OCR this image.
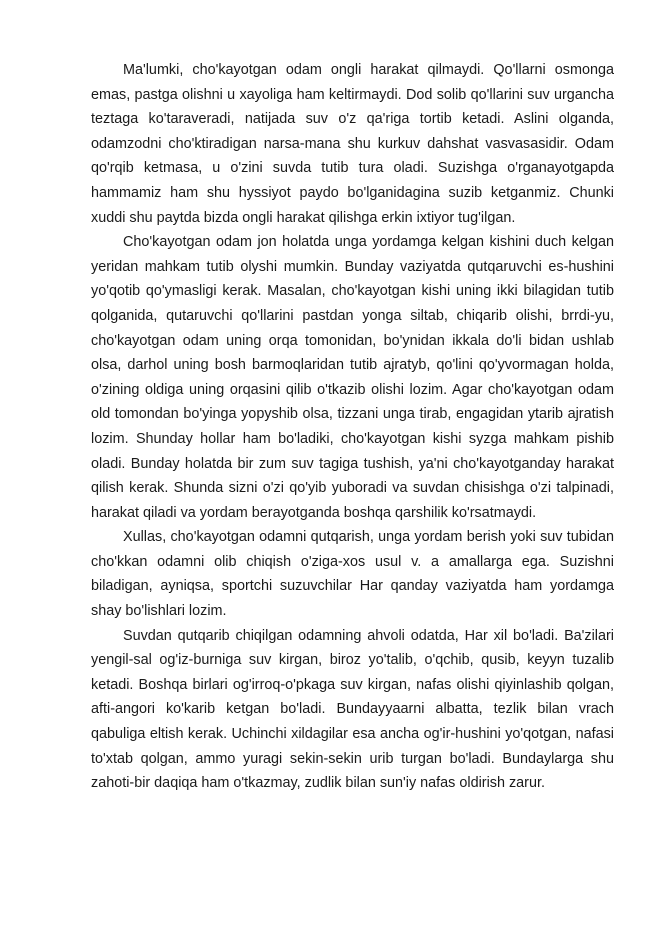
Ma'lumki, cho'kayotgan odam ongli harakat qilmaydi. Qo'llarni osmonga emas, pastga olishni u xayoliga ham keltirmaydi. Dod solib qo'llarini suv urgancha teztaga ko'taraveradi, natijada suv o'z qa'riga tortib ketadi. Aslini olganda, odamzodni cho'ktiradigan narsa-mana shu kurkuv dahshat vasvasasidir. Odam qo'rqib ketmasa, u o'zini suvda tutib tura oladi. Suzishga o'rganayotgapda hammamiz ham shu hyssiyot paydo bo'lganidagina suzib ketganmiz. Chunki xuddi shu paytda bizda ongli harakat qilishga erkin ixtiyor tug'ilgan.

Cho'kayotgan odam jon holatda unga yordamga kelgan kishini duch kelgan yeridan mahkam tutib olyshi mumkin. Bunday vaziyatda qutqaruvchi es-hushini yo'qotib qo'ymasligi kerak. Masalan, cho'kayotgan kishi uning ikki bilagidan tutib qolganida, qutaruvchi qo'llarini pastdan yonga siltab, chiqarib olishi, brrdi-yu, cho'kayotgan odam uning orqa tomonidan, bo'ynidan ikkala do'li bidan ushlab olsa, darhol uning bosh barmoqlaridan tutib ajratyb, qo'lini qo'yvormagan holda, o'zining oldiga uning orqasini qilib o'tkazib olishi lozim. Agar cho'kayotgan odam old tomondan bo'yinga yopyshib olsa, tizzani unga tirab, engagidan ytarib ajratish lozim. Shunday hollar ham bo'ladiki, cho'kayotgan kishi syzga mahkam pishib oladi. Bunday holatda bir zum suv tagiga tushish, ya'ni cho'kayotganday harakat qilish kerak. Shunda sizni o'zi qo'yib yuboradi va suvdan chisishga o'zi talpinadi, harakat qiladi va yordam berayotganda boshqa qarshilik ko'rsatmaydi.

Xullas, cho'kayotgan odamni qutqarish, unga yordam berish yoki suv tubidan cho'kkan odamni olib chiqish o'ziga-xos usul v. a amallarga ega. Suzishni biladigan, ayniqsa, sportchi suzuvchilar Har qanday vaziyatda ham yordamga shay bo'lishlari lozim.

Suvdan qutqarib chiqilgan odamning ahvoli odatda, Har xil bo'ladi. Ba'zilari yengil-sal og'iz-burniga suv kirgan, biroz yo'talib, o'qchib, qusib, keyyn tuzalib ketadi. Boshqa birlari og'irroq-o'pkaga suv kirgan, nafas olishi qiyinlashib qolgan, afti-angori ko'karib ketgan bo'ladi. Bundayyaarni albatta, tezlik bilan vrach qabuliga eltish kerak. Uchinchi xildagilar esa ancha og'ir-hushini yo'qotgan, nafasi to'xtab qolgan, ammo yuragi sekin-sekin urib turgan bo'ladi. Bundaylarga shu zahoti-bir daqiqa ham o'tkazmay, zudlik bilan sun'iy nafas oldirish zarur.
